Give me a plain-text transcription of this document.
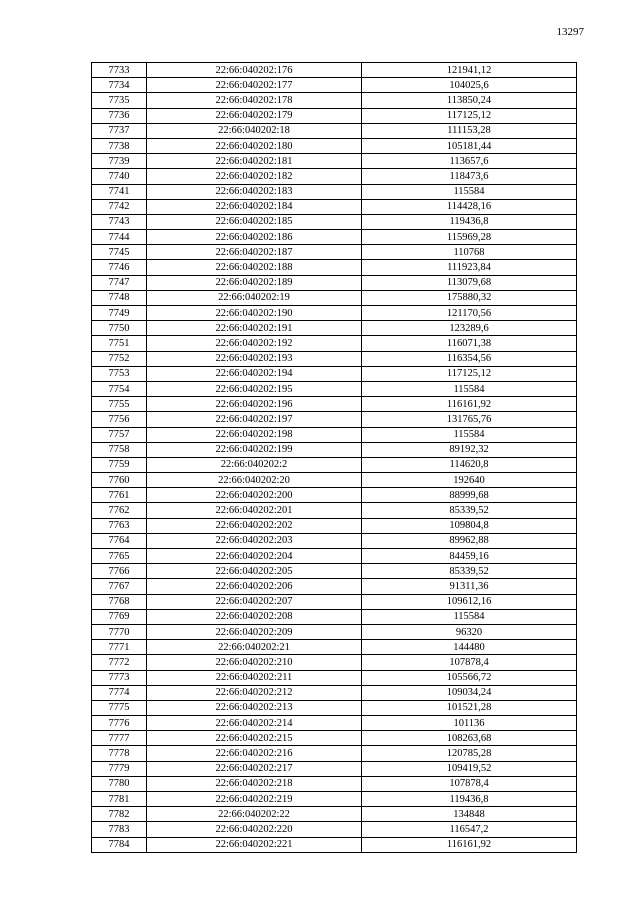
13297
7733	22:66:040202:176	121941,12
7734	22:66:040202:177	104025,6
7735	22:66:040202:178	113850,24
7736	22:66:040202:179	117125,12
7737	22:66:040202:18	111153,28
7738	22:66:040202:180	105181,44
7739	22:66:040202:181	113657,6
7740	22:66:040202:182	118473,6
7741	22:66:040202:183	115584
7742	22:66:040202:184	114428,16
7743	22:66:040202:185	119436,8
7744	22:66:040202:186	115969,28
7745	22:66:040202:187	110768
7746	22:66:040202:188	111923,84
7747	22:66:040202:189	113079,68
7748	22:66:040202:19	175880,32
7749	22:66:040202:190	121170,56
7750	22:66:040202:191	123289,6
7751	22:66:040202:192	116071,38
7752	22:66:040202:193	116354,56
7753	22:66:040202:194	117125,12
7754	22:66:040202:195	115584
7755	22:66:040202:196	116161,92
7756	22:66:040202:197	131765,76
7757	22:66:040202:198	115584
7758	22:66:040202:199	89192,32
7759	22:66:040202:2	114620,8
7760	22:66:040202:20	192640
7761	22:66:040202:200	88999,68
7762	22:66:040202:201	85339,52
7763	22:66:040202:202	109804,8
7764	22:66:040202:203	89962,88
7765	22:66:040202:204	84459,16
7766	22:66:040202:205	85339,52
7767	22:66:040202:206	91311,36
7768	22:66:040202:207	109612,16
7769	22:66:040202:208	115584
7770	22:66:040202:209	96320
7771	22:66:040202:21	144480
7772	22:66:040202:210	107878,4
7773	22:66:040202:211	105566,72
7774	22:66:040202:212	109034,24
7775	22:66:040202:213	101521,28
7776	22:66:040202:214	101136
7777	22:66:040202:215	108263,68
7778	22:66:040202:216	120785,28
7779	22:66:040202:217	109419,52
7780	22:66:040202:218	107878,4
7781	22:66:040202:219	119436,8
7782	22:66:040202:22	134848
7783	22:66:040202:220	116547,2
7784	22:66:040202:221	116161,92
